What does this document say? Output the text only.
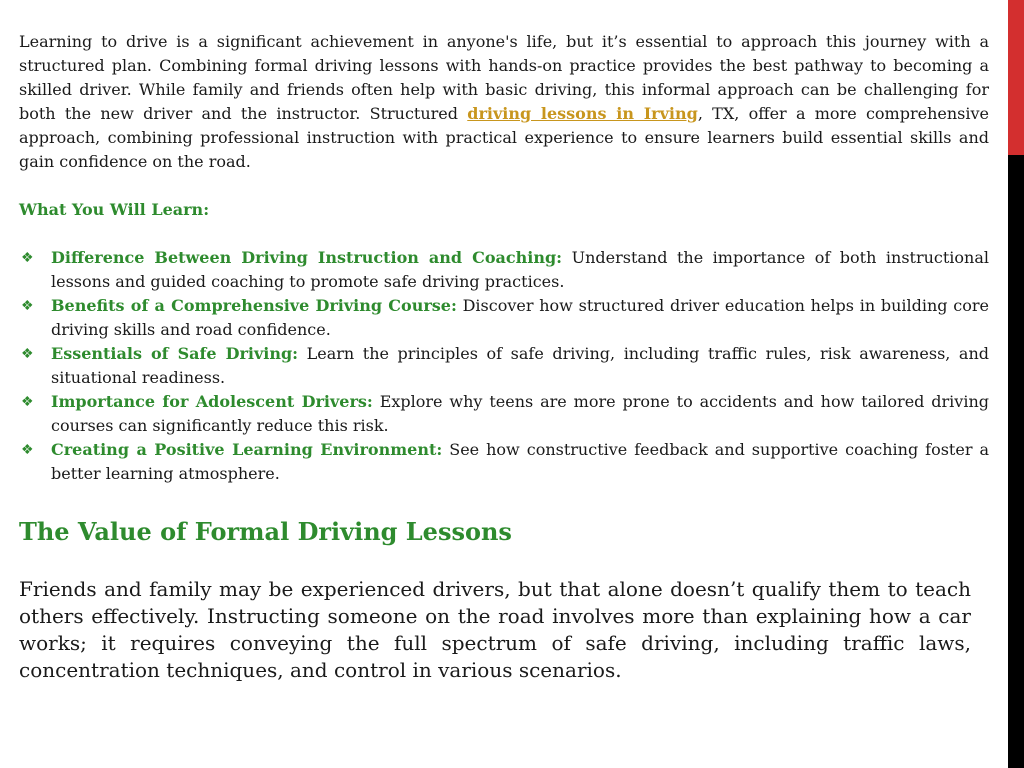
Learning to drive is a significant achievement in anyone's life, but it’s essential to approach this journey with a structured plan. Combining formal driving lessons with hands-on practice provides the best pathway to becoming a skilled driver. While family and friends often help with basic driving, this informal approach can be challenging for both the new driver and the instructor. Structured driving lessons in Irving, TX, offer a more comprehensive approach, combining professional instruction with practical experience to ensure learners build essential skills and gain confidence on the road.

What You Will Learn:

❖ Difference Between Driving Instruction and Coaching: Understand the importance of both instructional lessons and guided coaching to promote safe driving practices.
❖ Benefits of a Comprehensive Driving Course: Discover how structured driver education helps in building core driving skills and road confidence.
❖ Essentials of Safe Driving: Learn the principles of safe driving, including traffic rules, risk awareness, and situational readiness.
❖ Importance for Adolescent Drivers: Explore why teens are more prone to accidents and how tailored driving courses can significantly reduce this risk.
❖ Creating a Positive Learning Environment: See how constructive feedback and supportive coaching foster a better learning atmosphere.
The Value of Formal Driving Lessons

Friends and family may be experienced drivers, but that alone doesn’t qualify them to teach others effectively. Instructing someone on the road involves more than explaining how a car works; it requires conveying the full spectrum of safe driving, including traffic laws, concentration techniques, and control in various scenarios.
